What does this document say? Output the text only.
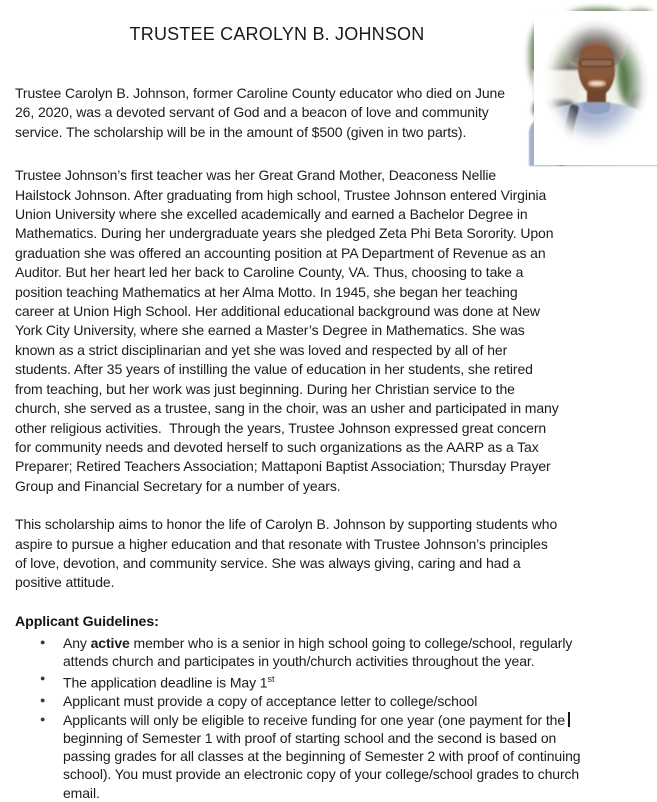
TRUSTEE CAROLYN B. JOHNSON
Trustee Carolyn B. Johnson, former Caroline County educator who died on June
26, 2020, was a devoted servant of God and a beacon of love and community
service. The scholarship will be in the amount of $500 (given in two parts).
Trustee Johnson’s first teacher was her Great Grand Mother, Deaconess Nellie
Hailstock Johnson. After graduating from high school, Trustee Johnson entered Virginia
Union University where she excelled academically and earned a Bachelor Degree in
Mathematics. During her undergraduate years she pledged Zeta Phi Beta Sorority. Upon
graduation she was offered an accounting position at PA Department of Revenue as an
Auditor. But her heart led her back to Caroline County, VA. Thus, choosing to take a
position teaching Mathematics at her Alma Motto. In 1945, she began her teaching
career at Union High School. Her additional educational background was done at New
York City University, where she earned a Master’s Degree in Mathematics. She was
known as a strict disciplinarian and yet she was loved and respected by all of her
students. After 35 years of instilling the value of education in her students, she retired
from teaching, but her work was just beginning. During her Christian service to the
church, she served as a trustee, sang in the choir, was an usher and participated in many
other religious activities.  Through the years, Trustee Johnson expressed great concern
for community needs and devoted herself to such organizations as the AARP as a Tax
Preparer; Retired Teachers Association; Mattaponi Baptist Association; Thursday Prayer
Group and Financial Secretary for a number of years.
This scholarship aims to honor the life of Carolyn B. Johnson by supporting students who
aspire to pursue a higher education and that resonate with Trustee Johnson’s principles
of love, devotion, and community service. She was always giving, caring and had a
positive attitude.
Applicant Guidelines:
● Any active member who is a senior in high school going to college/school, regularly
attends church and participates in youth/church activities throughout the year.
● The application deadline is May 1st
● Applicant must provide a copy of acceptance letter to college/school
● Applicants will only be eligible to receive funding for one year (one payment for the
beginning of Semester 1 with proof of starting school and the second is based on
passing grades for all classes at the beginning of Semester 2 with proof of continuing
school). You must provide an electronic copy of your college/school grades to church
email.
